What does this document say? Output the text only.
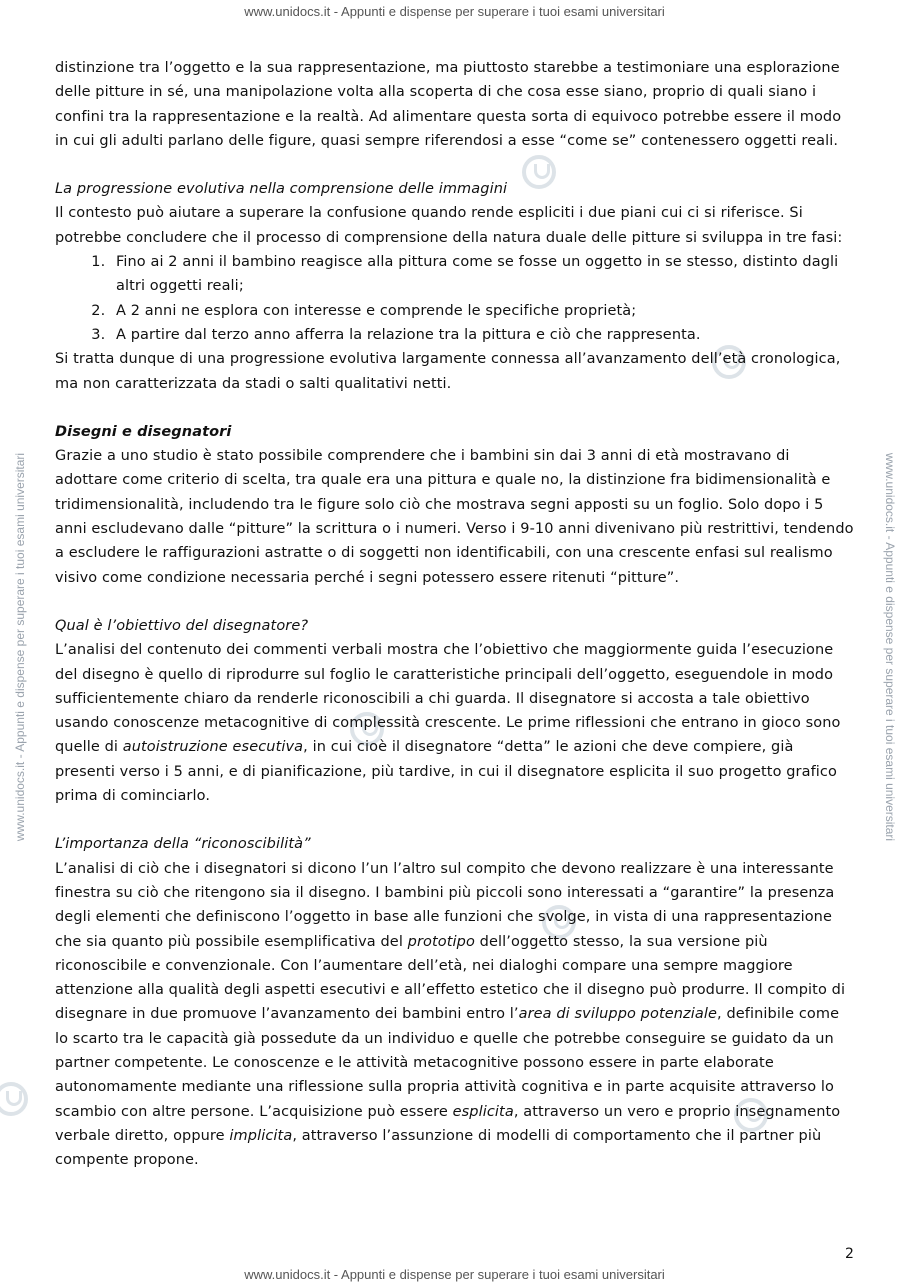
www.unidocs.it - Appunti e dispense per superare i tuoi esami universitari
www.unidocs.it - Appunti e dispense per superare i tuoi esami universitari	www.unidocs.it - Appunti e dispense per superare i tuoi esami universitari

distinzione tra l’oggetto e la sua rappresentazione, ma piuttosto starebbe a testimoniare una esplorazione delle pitture in sé, una manipolazione volta alla scoperta di che cosa esse siano, proprio di quali siano i confini tra la rappresentazione e la realtà. Ad alimentare questa sorta di equivoco potrebbe essere il modo in cui gli adulti parlano delle figure, quasi sempre riferendosi a esse “come se” contenessero oggetti reali.

La progressione evolutiva nella comprensione delle immagini

Il contesto può aiutare a superare la confusione quando rende espliciti i due piani cui ci si riferisce. Si potrebbe concludere che il processo di comprensione della natura duale delle pitture si sviluppa in tre fasi:

1. Fino ai 2 anni il bambino reagisce alla pittura come se fosse un oggetto in se stesso, distinto dagli altri oggetti reali;
2. A 2 anni ne esplora con interesse e comprende le specifiche proprietà;
3. A partire dal terzo anno afferra la relazione tra la pittura e ciò che rappresenta.

Si tratta dunque di una progressione evolutiva largamente connessa all’avanzamento dell’età cronologica, ma non caratterizzata da stadi o salti qualitativi netti.

Disegni e disegnatori

Grazie a uno studio è stato possibile comprendere che i bambini sin dai 3 anni di età mostravano di adottare come criterio di scelta, tra quale era una pittura e quale no, la distinzione fra bidimensionalità e tridimensionalità, includendo tra le figure solo ciò che mostrava segni apposti su un foglio. Solo dopo i 5 anni escludevano dalle “pitture” la scrittura o i numeri. Verso i 9-10 anni divenivano più restrittivi, tendendo a escludere le raffigurazioni astratte o di soggetti non identificabili, con una crescente enfasi sul realismo visivo come condizione necessaria perché i segni potessero essere ritenuti “pitture”.

Qual è l’obiettivo del disegnatore?

L’analisi del contenuto dei commenti verbali mostra che l’obiettivo che maggiormente guida l’esecuzione del disegno è quello di riprodurre sul foglio le caratteristiche principali dell’oggetto, eseguendole in modo sufficientemente chiaro da renderle riconoscibili a chi guarda. Il disegnatore si accosta a tale obiettivo usando conoscenze metacognitive di complessità crescente. Le prime riflessioni che entrano in gioco sono quelle di autoistruzione esecutiva, in cui cioè il disegnatore “detta” le azioni che deve compiere, già presenti verso i 5 anni, e di pianificazione, più tardive, in cui il disegnatore esplicita il suo progetto grafico prima di cominciarlo.

L’importanza della “riconoscibilità”

L’analisi di ciò che i disegnatori si dicono l’un l’altro sul compito che devono realizzare è una interessante finestra su ciò che ritengono sia il disegno. I bambini più piccoli sono interessati a “garantire” la presenza degli elementi che definiscono l’oggetto in base alle funzioni che svolge, in vista di una rappresentazione che sia quanto più possibile esemplificativa del prototipo dell’oggetto stesso, la sua versione più riconoscibile e convenzionale. Con l’aumentare dell’età, nei dialoghi compare una sempre maggiore attenzione alla qualità degli aspetti esecutivi e all’effetto estetico che il disegno può produrre. Il compito di disegnare in due promuove l’avanzamento dei bambini entro l’area di sviluppo potenziale, definibile come lo scarto tra le capacità già possedute da un individuo e quelle che potrebbe conseguire se guidato da un partner competente. Le conoscenze e le attività metacognitive possono essere in parte elaborate autonomamente mediante una riflessione sulla propria attività cognitiva e in parte acquisite attraverso lo scambio con altre persone. L’acquisizione può essere esplicita, attraverso un vero e proprio insegnamento verbale diretto, oppure implicita, attraverso l’assunzione di modelli di comportamento che il partner più compente propone.

2
www.unidocs.it - Appunti e dispense per superare i tuoi esami universitari
